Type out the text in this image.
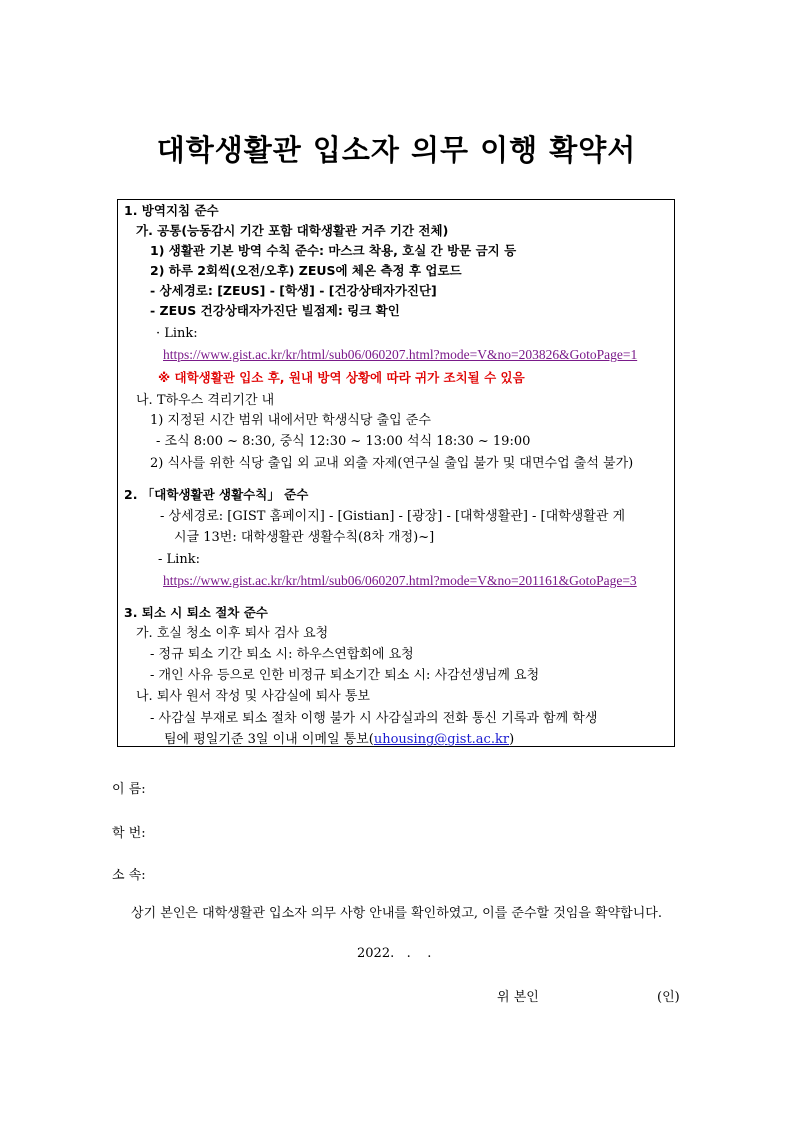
대학생활관 입소자 의무 이행 확약서
1. 방역지침 준수
가. 공통(능동감시 기간 포함 대학생활관 거주 기간 전체)
1) 생활관 기본 방역 수칙 준수: 마스크 착용, 호실 간 방문 금지 등
2) 하루 2회씩(오전/오후) ZEUS에 체온 측정 후 업로드
- 상세경로: [ZEUS] - [학생] - [건강상태자가진단]
- ZEUS 건강상태자가진단 빌점제: 링크 확인
· Link:
https://www.gist.ac.kr/kr/html/sub06/060207.html?mode=V&no=203826&GotoPage=1
※ 대학생활관 입소 후, 원내 방역 상황에 따라 귀가 조치될 수 있음
나. T하우스 격리기간 내
1) 지정된 시간 범위 내에서만 학생식당 출입 준수
- 조식 8:00 ~ 8:30, 중식 12:30 ~ 13:00 석식 18:30 ~ 19:00
2) 식사를 위한 식당 출입 외 교내 외출 자제(연구실 출입 불가 및 대면수업 출석 불가)
2. 「대학생활관 생활수칙」 준수
- 상세경로: [GIST 홈페이지] - [Gistian] - [광장] - [대학생활관] - [대학생활관 게
시글 13번: 대학생활관 생활수칙(8차 개정)~]
- Link:
https://www.gist.ac.kr/kr/html/sub06/060207.html?mode=V&no=201161&GotoPage=3
3. 퇴소 시 퇴소 절차 준수
가. 호실 청소 이후 퇴사 검사 요청
- 정규 퇴소 기간 퇴소 시: 하우스연합회에 요청
- 개인 사유 등으로 인한 비정규 퇴소기간 퇴소 시: 사감선생님께 요청
나. 퇴사 원서 작성 및 사감실에 퇴사 통보
- 사감실 부재로 퇴소 절차 이행 불가 시 사감실과의 전화 통신 기록과 함께 학생
팀에 평일기준 3일 이내 이메일 통보(uhousing@gist.ac.kr)
이 름:
학 번:
소 속:
상기 본인은 대학생활관 입소자 의무 사항 안내를 확인하였고, 이를 준수할 것임을 확약합니다.
2022.   .    .
위 본인	(인)
